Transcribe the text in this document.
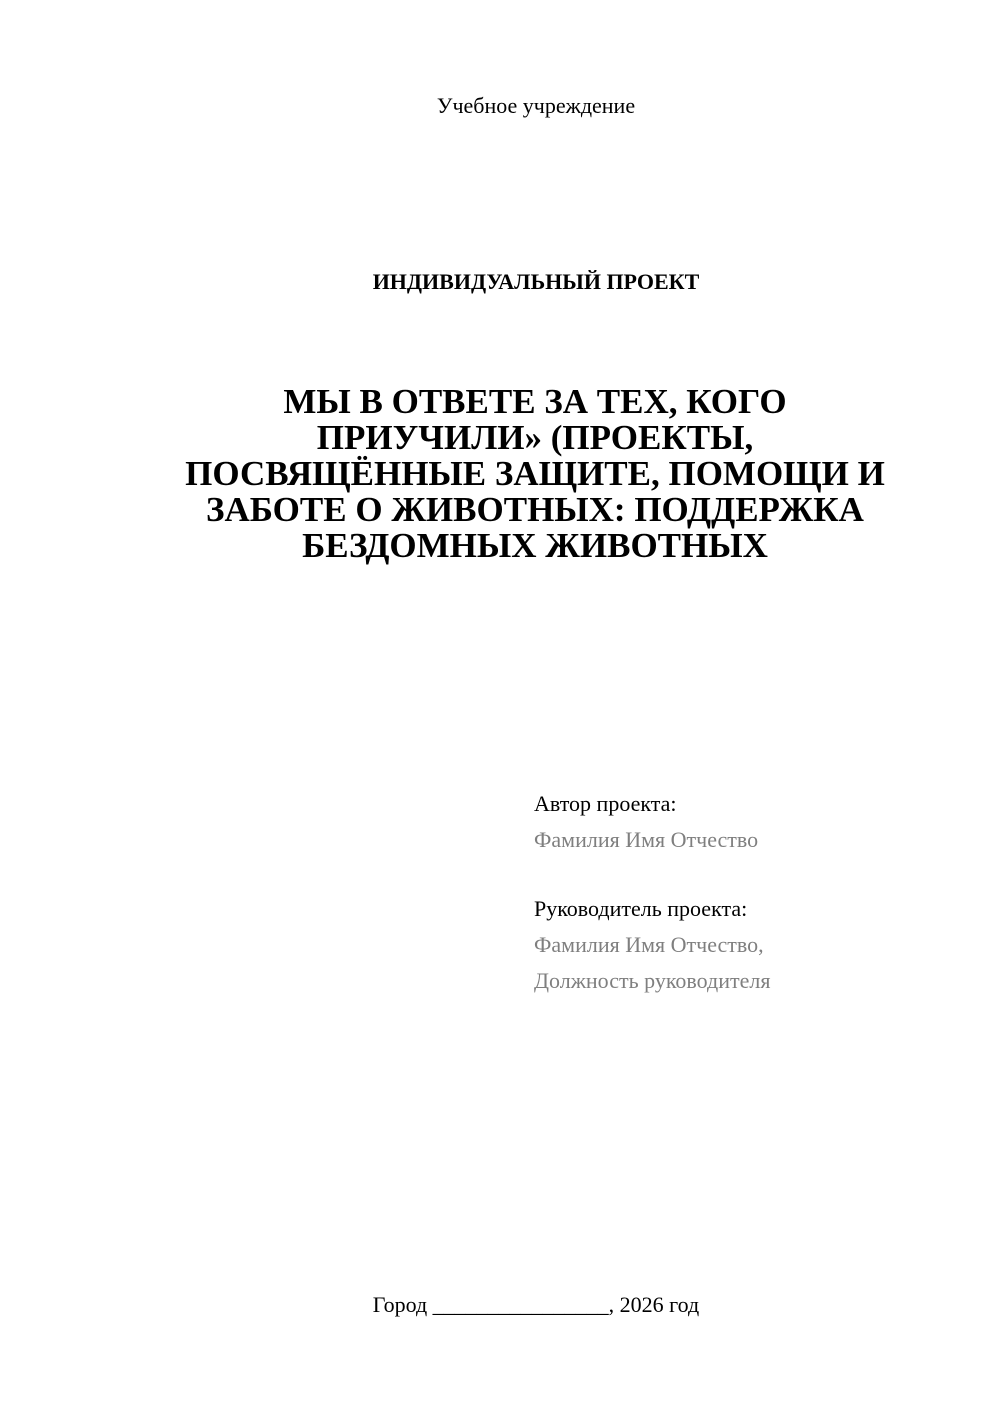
Учебное учреждение
ИНДИВИДУАЛЬНЫЙ ПРОЕКТ
МЫ В ОТВЕТЕ ЗА ТЕХ, КОГО
ПРИУЧИЛИ» (ПРОЕКТЫ,
ПОСВЯЩЁННЫЕ ЗАЩИТЕ, ПОМОЩИ И
ЗАБОТЕ О ЖИВОТНЫХ: ПОДДЕРЖКА
БЕЗДОМНЫХ ЖИВОТНЫХ
Автор проекта:
Фамилия Имя Отчество
Руководитель проекта:
Фамилия Имя Отчество,
Должность руководителя
Город ________________, 2026 год
